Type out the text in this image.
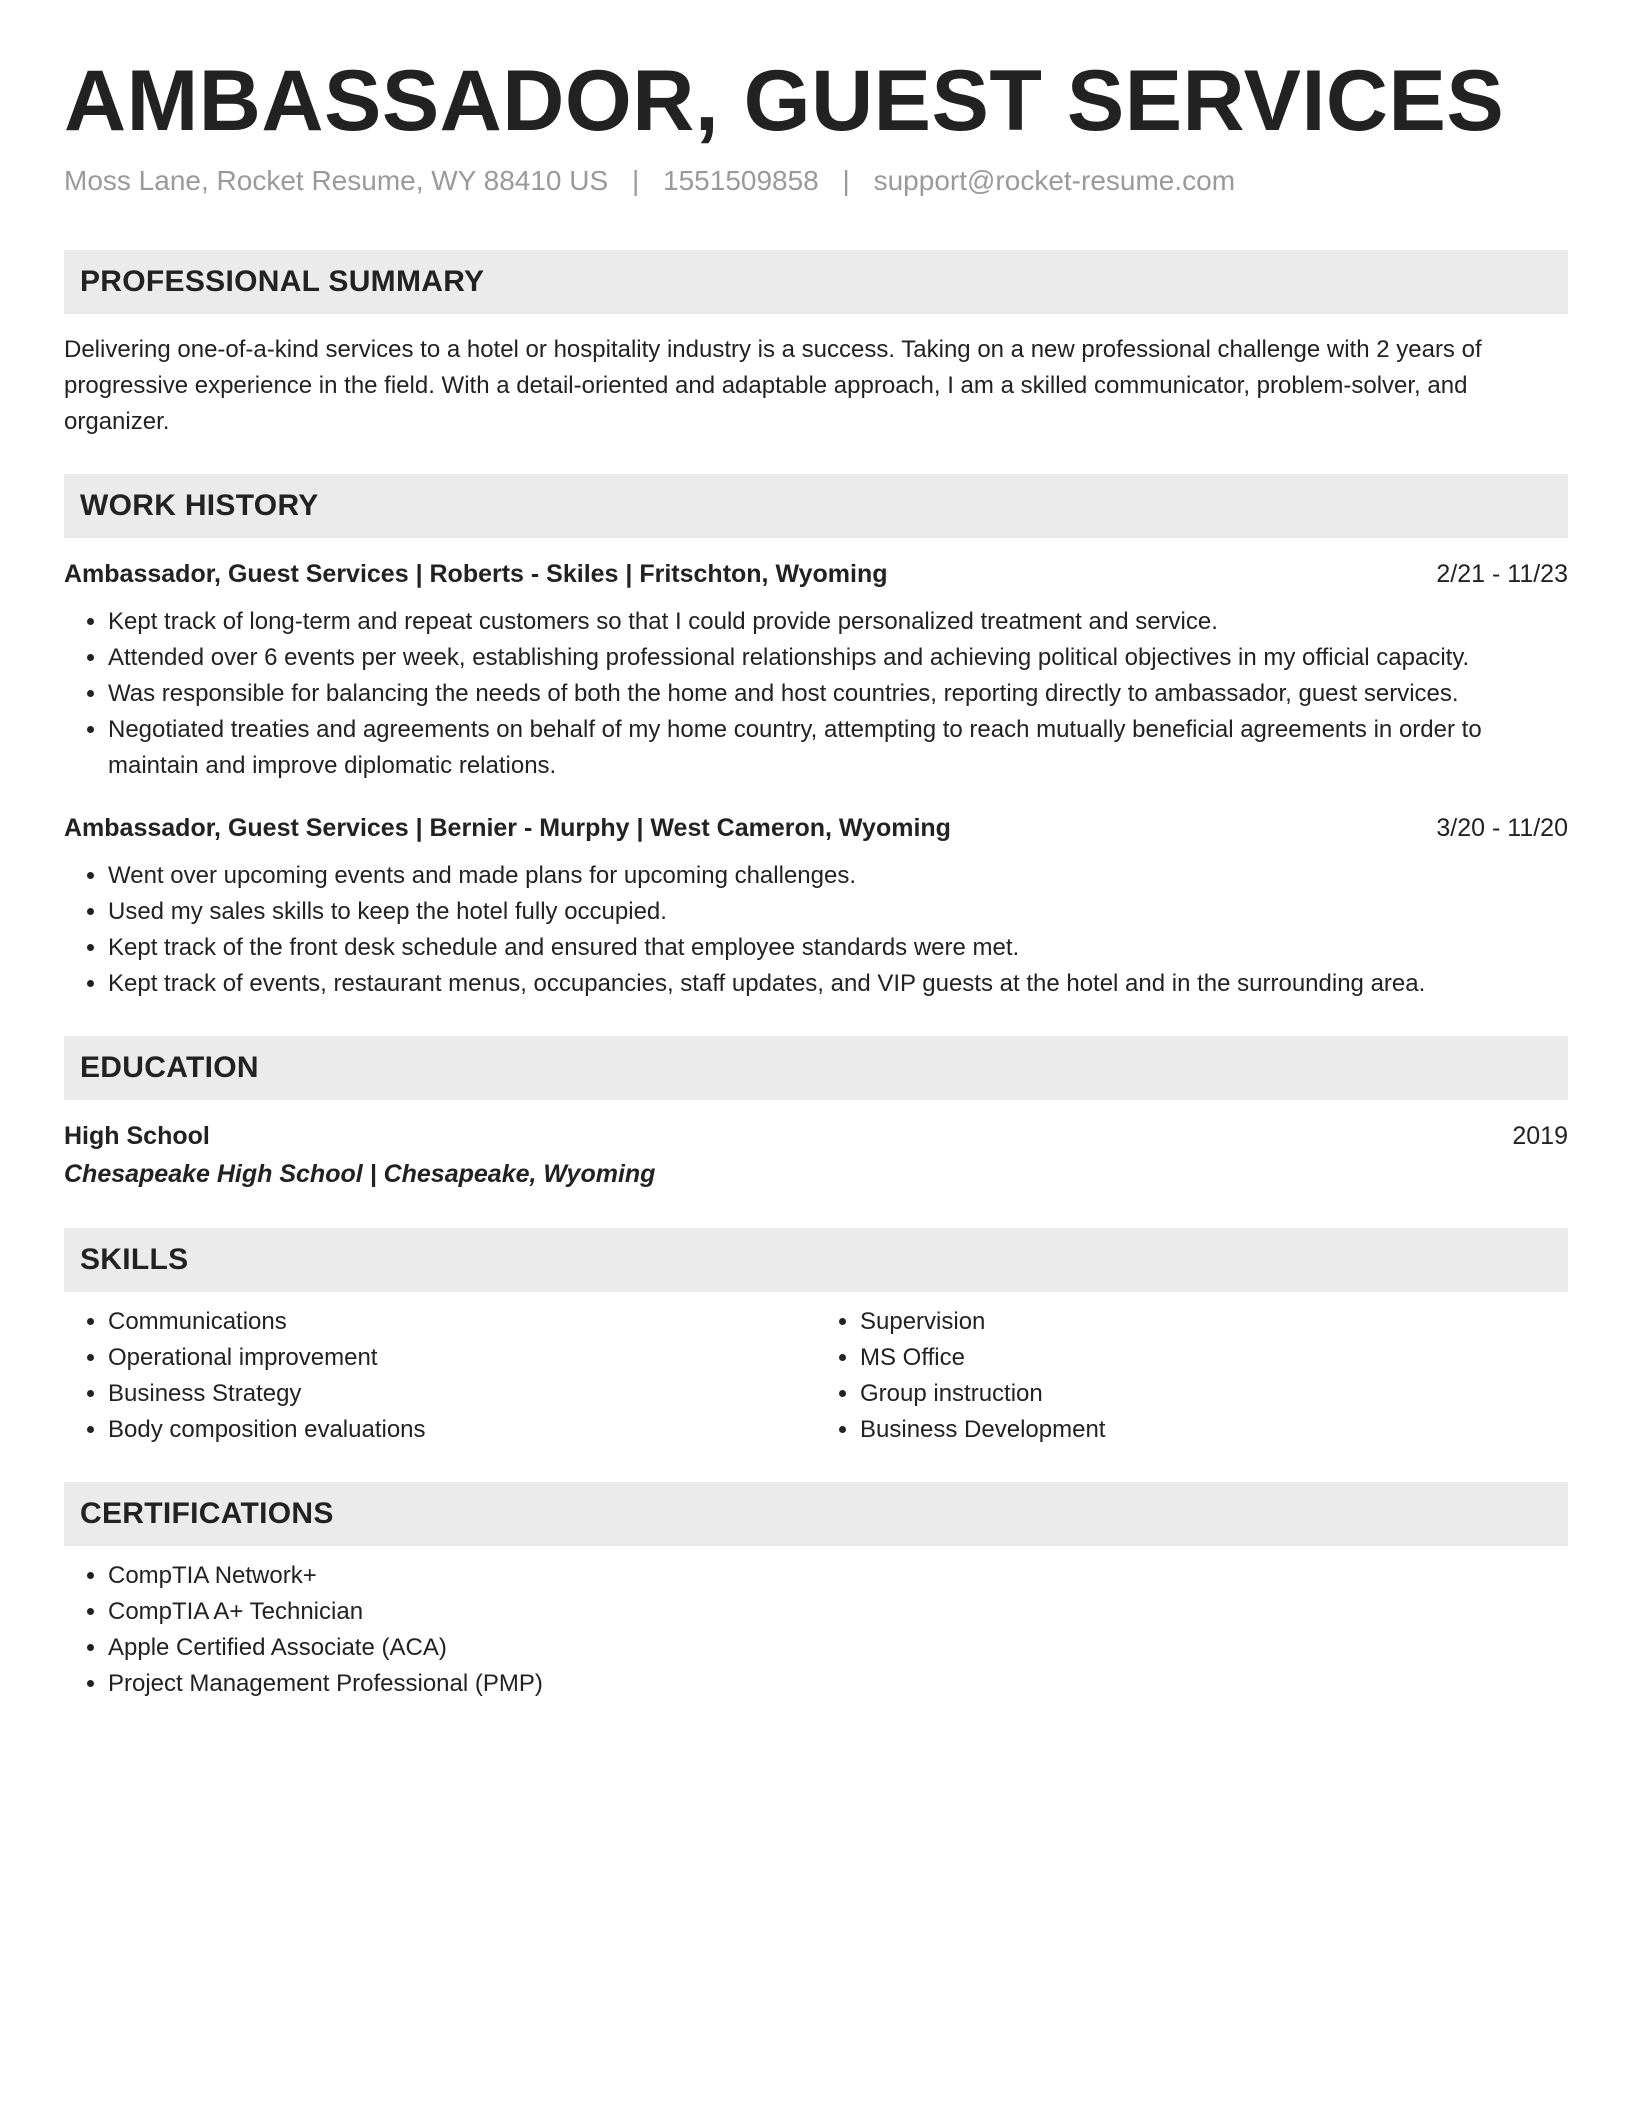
AMBASSADOR, GUEST SERVICES
Moss Lane, Rocket Resume, WY 88410 US | 1551509858 | support@rocket-resume.com
PROFESSIONAL SUMMARY
Delivering one-of-a-kind services to a hotel or hospitality industry is a success. Taking on a new professional challenge with 2 years of progressive experience in the field. With a detail-oriented and adaptable approach, I am a skilled communicator, problem-solver, and organizer.
WORK HISTORY
Ambassador, Guest Services | Roberts - Skiles | Fritschton, Wyoming	2/21 - 11/23
• Kept track of long-term and repeat customers so that I could provide personalized treatment and service.
• Attended over 6 events per week, establishing professional relationships and achieving political objectives in my official capacity.
• Was responsible for balancing the needs of both the home and host countries, reporting directly to ambassador, guest services.
• Negotiated treaties and agreements on behalf of my home country, attempting to reach mutually beneficial agreements in order to maintain and improve diplomatic relations.
Ambassador, Guest Services | Bernier - Murphy | West Cameron, Wyoming	3/20 - 11/20
• Went over upcoming events and made plans for upcoming challenges.
• Used my sales skills to keep the hotel fully occupied.
• Kept track of the front desk schedule and ensured that employee standards were met.
• Kept track of events, restaurant menus, occupancies, staff updates, and VIP guests at the hotel and in the surrounding area.
EDUCATION
High School	2019
Chesapeake High School | Chesapeake, Wyoming
SKILLS
• Communications
• Operational improvement
• Business Strategy
• Body composition evaluations
• Supervision
• MS Office
• Group instruction
• Business Development
CERTIFICATIONS
• CompTIA Network+
• CompTIA A+ Technician
• Apple Certified Associate (ACA)
• Project Management Professional (PMP)
